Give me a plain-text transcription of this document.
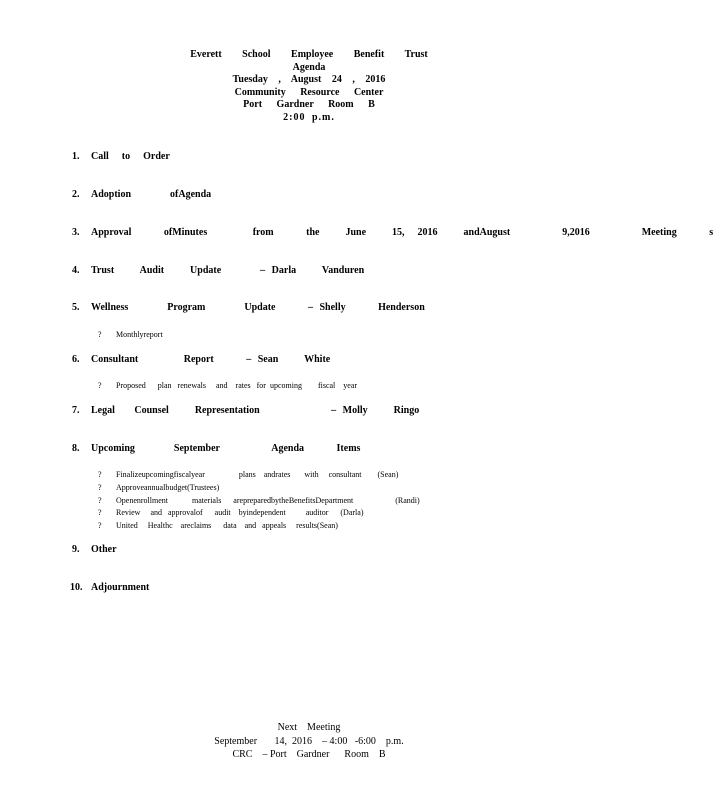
Everett School Employee Benefit Trust
Agenda
Tuesday , August 24 , 2016
Community Resource Center
Port Gardner Room B
2:00 p.m.
1. Call  to  Order
2. Adoption      ofAgenda
3. Approval     ofMinutes       from     the    June    15,  2016    andAugust        9,2016        Meeting     s
4. Trust    Audit    Update      – Darla    Vanduren
5. Wellness      Program      Update     – Shelly     Henderson

? Monthlyreport

6. Consultant       Report     – Sean    White

? Proposed      plan   renewals     and    rates   for  upcoming        fiscal    year

7. Legal   Counsel    Representation           – Molly    Ringo
8. Upcoming      September        Agenda     Items

? Finalizeupcomingfiscalyear                 plans    andrates       with     consultant        (Sean)

? Approveannualbudget(Trustees)

? Openenrollment            materials      arepreparedbytheBenefitsDepartment                     (Randi)

? Review     and   approvalof      audit    byindependent          auditor      (Darla)

? United     Healthc    areclaims      data    and   appeals     results(Sean)

9. Other
10. Adjournment
Next    Meeting
September       14,  2016    – 4:00   -6:00    p.m.
CRC    – Port    Gardner      Room    B
